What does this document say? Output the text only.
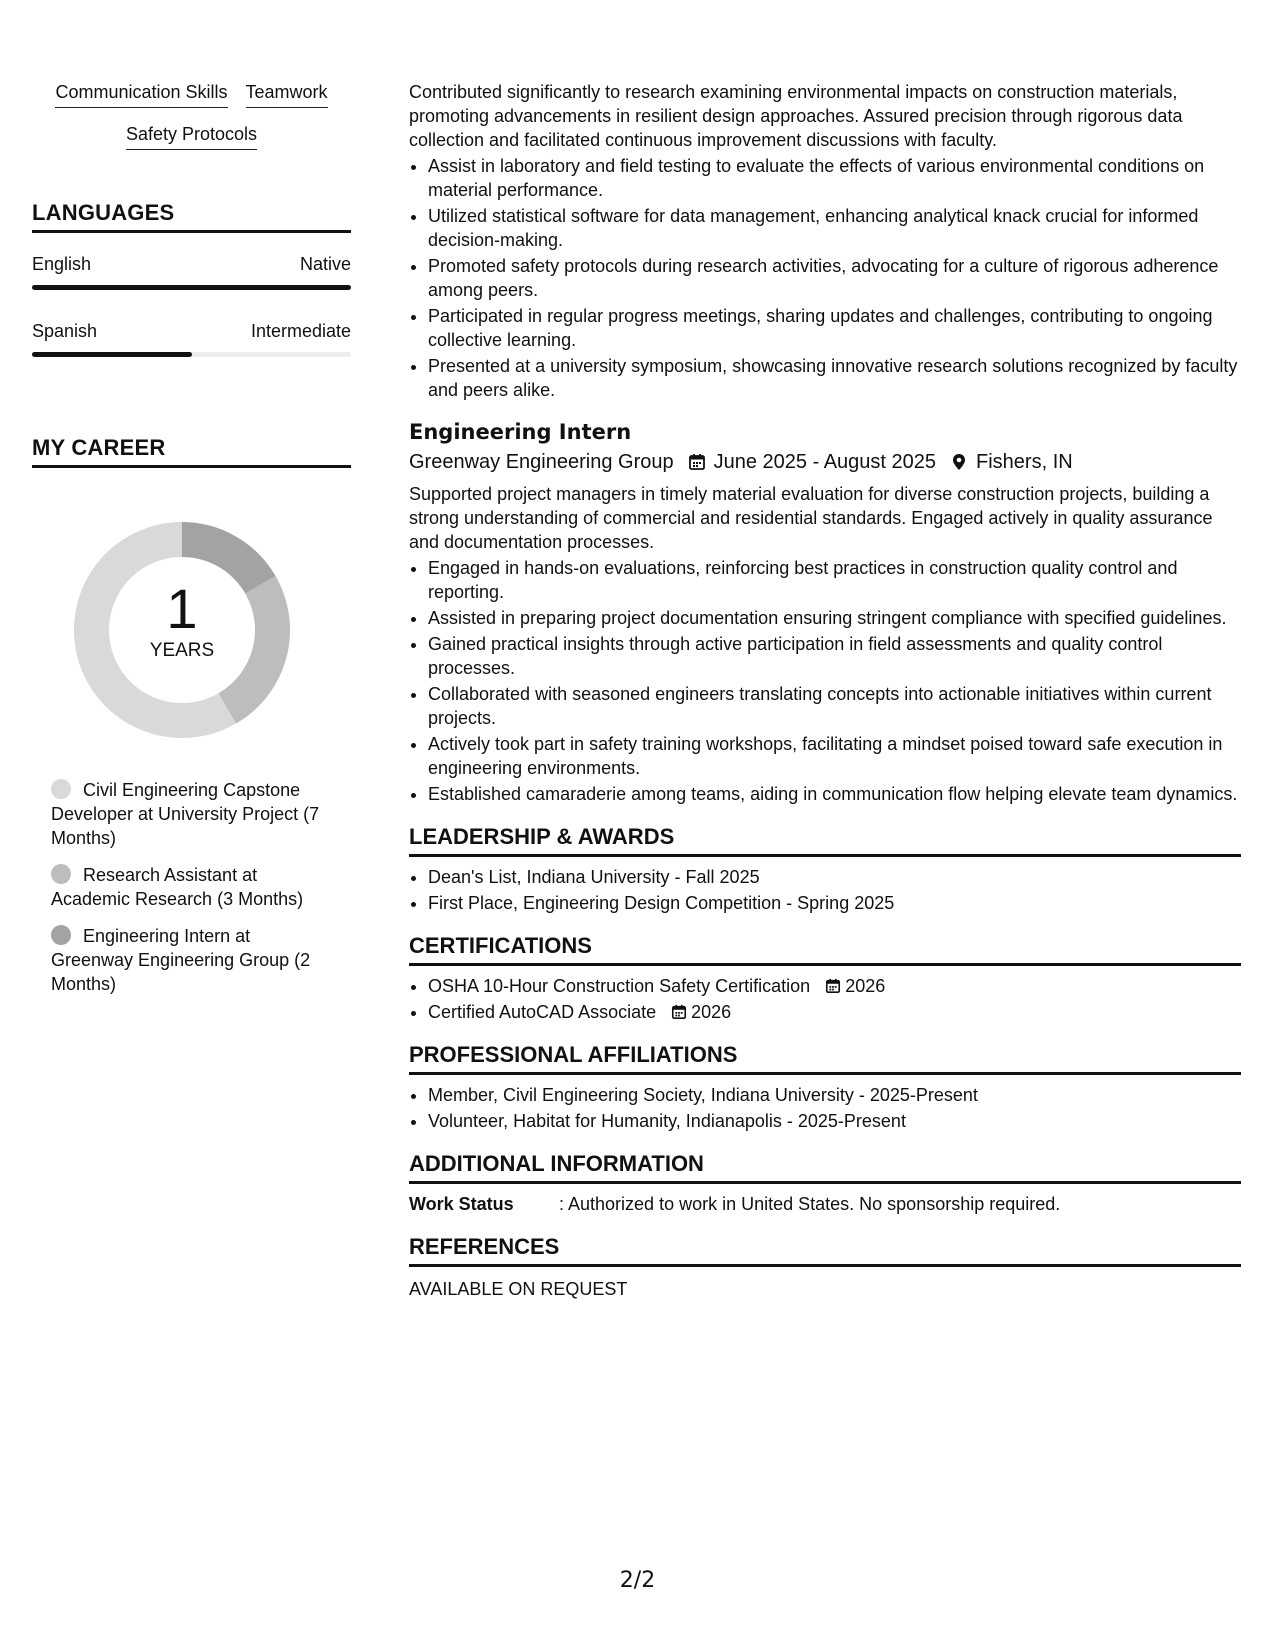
Communication Skills Teamwork
Safety Protocols
LANGUAGES
English	Native
Spanish	Intermediate
MY CAREER
1
YEARS
Civil Engineering Capstone Developer at University Project (7 Months)
Research Assistant at Academic Research (3 Months)
Engineering Intern at Greenway Engineering Group (2 Months)

Contributed significantly to research examining environmental impacts on construction materials, promoting advancements in resilient design approaches. Assured precision through rigorous data collection and facilitated continuous improvement discussions with faculty.

• Assist in laboratory and field testing to evaluate the effects of various environmental conditions on material performance.
• Utilized statistical software for data management, enhancing analytical knack crucial for informed decision-making.
• Promoted safety protocols during research activities, advocating for a culture of rigorous adherence among peers.
• Participated in regular progress meetings, sharing updates and challenges, contributing to ongoing collective learning.
• Presented at a university symposium, showcasing innovative research solutions recognized by faculty and peers alike.
Engineering Intern
Greenway Engineering Group June 2025 - August 2025 Fishers, IN

Supported project managers in timely material evaluation for diverse construction projects, building a strong understanding of commercial and residential standards. Engaged actively in quality assurance and documentation processes.

• Engaged in hands-on evaluations, reinforcing best practices in construction quality control and reporting.
• Assisted in preparing project documentation ensuring stringent compliance with specified guidelines.
• Gained practical insights through active participation in field assessments and quality control processes.
• Collaborated with seasoned engineers translating concepts into actionable initiatives within current projects.
• Actively took part in safety training workshops, facilitating a mindset poised toward safe execution in engineering environments.
• Established camaraderie among teams, aiding in communication flow helping elevate team dynamics.
LEADERSHIP & AWARDS
• Dean's List, Indiana University - Fall 2025
• First Place, Engineering Design Competition - Spring 2025
CERTIFICATIONS
• OSHA 10-Hour Construction Safety Certification 2026
• Certified AutoCAD Associate 2026
PROFESSIONAL AFFILIATIONS
• Member, Civil Engineering Society, Indiana University - 2025-Present
• Volunteer, Habitat for Humanity, Indianapolis - 2025-Present
ADDITIONAL INFORMATION
Work Status	: Authorized to work in United States. No sponsorship required.
REFERENCES
AVAILABLE ON REQUEST
2/2
